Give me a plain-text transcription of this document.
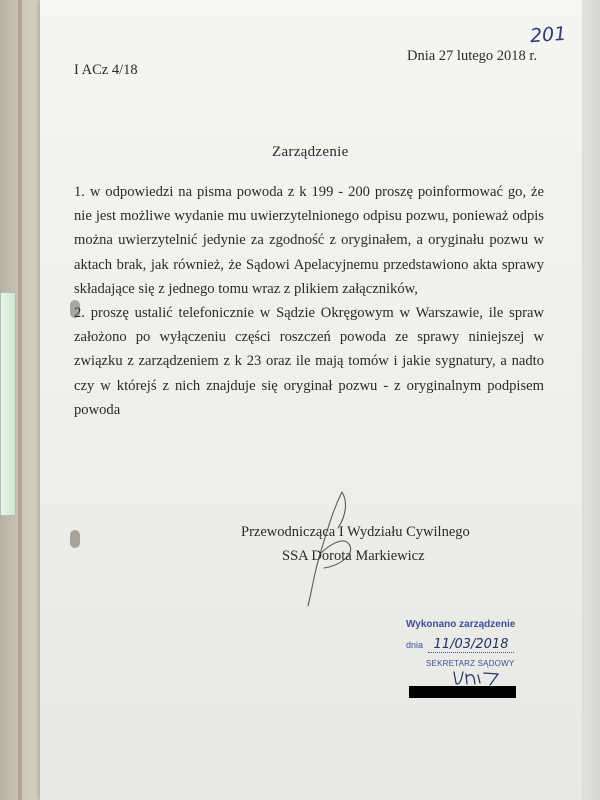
201
Dnia 27 lutego 2018 r.
I ACz 4/18
Zarządzenie

1. w odpowiedzi na pisma powoda z k 199 - 200 proszę poinformować go, że nie jest możliwe wydanie mu uwierzytelnionego odpisu pozwu, ponieważ odpis można uwierzytelnić jedynie za zgodność z oryginałem, a oryginału pozwu w aktach brak, jak również, że Sądowi Apelacyjnemu przedstawiono akta sprawy składające się z jednego tomu wraz z plikiem załączników,

2. proszę ustalić telefonicznie w Sądzie Okręgowym w Warszawie, ile spraw założono po wyłączeniu części roszczeń powoda ze sprawy niniejszej w związku z zarządzeniem z k 23 oraz ile mają tomów i jakie sygnatury, a nadto czy w którejś z nich znajduje się oryginał pozwu - z oryginalnym podpisem powoda

Przewodnicząca I Wydziału Cywilnego
SSA Dorota Markiewicz
Wykonano zarządzenie
dnia 11/03/2018
SEKRETARZ SĄDOWY
